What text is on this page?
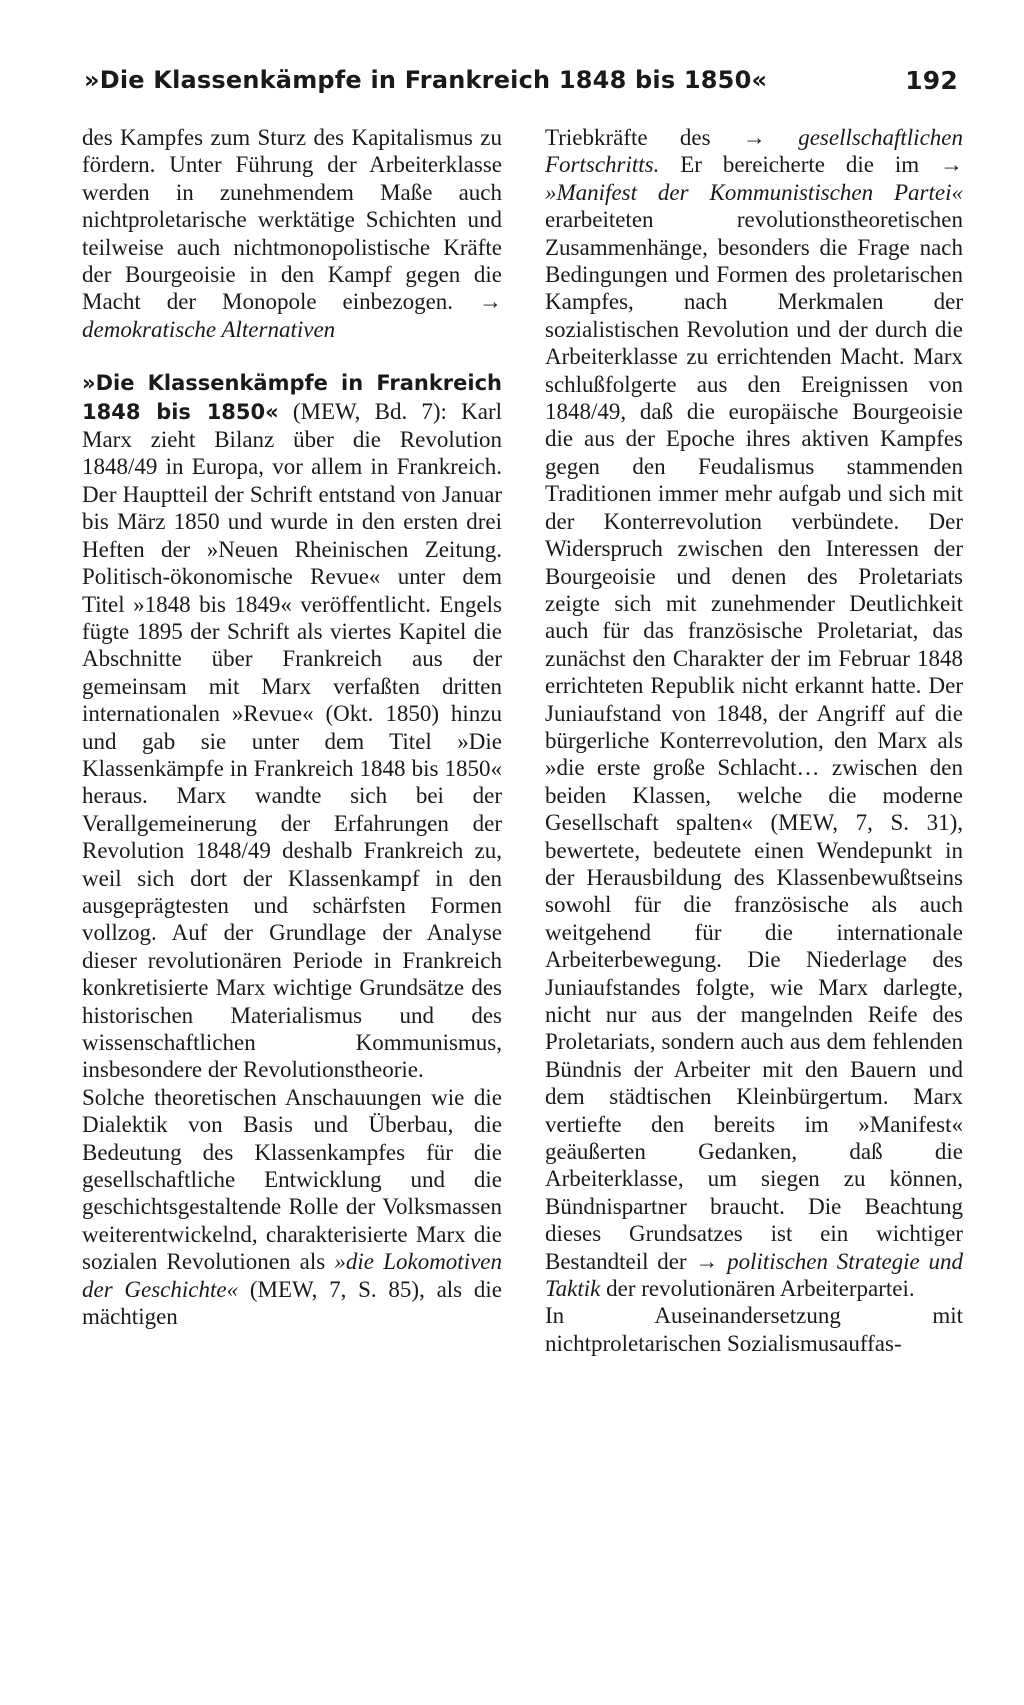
»Die Klassenkämpfe in Frankreich 1848 bis 1850«	192

des Kampfes zum Sturz des Kapitalismus zu fördern. Unter Führung der Arbeiterklasse werden in zunehmendem Maße auch nichtproletarische werktätige Schichten und teilweise auch nichtmonopolistische Kräfte der Bourgeoisie in den Kampf gegen die Macht der Monopole einbezogen. → demokratische Alternativen

»Die Klassenkämpfe in Frankreich 1848 bis 1850« (MEW, Bd. 7): Karl Marx zieht Bilanz über die Revolution 1848/49 in Europa, vor allem in Frankreich. Der Hauptteil der Schrift entstand von Januar bis März 1850 und wurde in den ersten drei Heften der »Neuen Rheinischen Zeitung. Politisch-ökonomische Revue« unter dem Titel »1848 bis 1849« veröffentlicht. Engels fügte 1895 der Schrift als viertes Kapitel die Abschnitte über Frankreich aus der gemeinsam mit Marx verfaßten dritten internationalen »Revue« (Okt. 1850) hinzu und gab sie unter dem Titel »Die Klassenkämpfe in Frankreich 1848 bis 1850« heraus. Marx wandte sich bei der Verallgemeinerung der Erfahrungen der Revolution 1848/49 deshalb Frankreich zu, weil sich dort der Klassenkampf in den ausgeprägtesten und schärfsten Formen vollzog. Auf der Grundlage der Analyse dieser revolutionären Periode in Frankreich konkretisierte Marx wichtige Grundsätze des historischen Materialismus und des wissenschaftlichen Kommunismus, insbesondere der Revolutionstheorie.

Solche theoretischen Anschauungen wie die Dialektik von Basis und Überbau, die Bedeutung des Klassenkampfes für die gesellschaftliche Entwicklung und die geschichtsgestaltende Rolle der Volksmassen weiterentwickelnd, charakterisierte Marx die sozialen Revolutionen als »die Lokomotiven der Geschichte« (MEW, 7, S. 85), als die mächtigen

Triebkräfte des → gesellschaftlichen Fortschritts. Er bereicherte die im → »Manifest der Kommunistischen Partei« erarbeiteten revolutionstheoretischen Zusammenhänge, besonders die Frage nach Bedingungen und Formen des proletarischen Kampfes, nach Merkmalen der sozialistischen Revolution und der durch die Arbeiterklasse zu errichtenden Macht. Marx schlußfolgerte aus den Ereignissen von 1848/49, daß die europäische Bourgeoisie die aus der Epoche ihres aktiven Kampfes gegen den Feudalismus stammenden Traditionen immer mehr aufgab und sich mit der Konterrevolution verbündete. Der Widerspruch zwischen den Interessen der Bourgeoisie und denen des Proletariats zeigte sich mit zunehmender Deutlichkeit auch für das französische Proletariat, das zunächst den Charakter der im Februar 1848 errichteten Republik nicht erkannt hatte. Der Juniaufstand von 1848, der Angriff auf die bürgerliche Konterrevolution, den Marx als »die erste große Schlacht… zwischen den beiden Klassen, welche die moderne Gesellschaft spalten« (MEW, 7, S. 31), bewertete, bedeutete einen Wendepunkt in der Herausbildung des Klassenbewußtseins sowohl für die französische als auch weitgehend für die internationale Arbeiterbewegung. Die Niederlage des Juniaufstandes folgte, wie Marx darlegte, nicht nur aus der mangelnden Reife des Proletariats, sondern auch aus dem fehlenden Bündnis der Arbeiter mit den Bauern und dem städtischen Kleinbürgertum. Marx vertiefte den bereits im »Manifest« geäußerten Gedanken, daß die Arbeiterklasse, um siegen zu können, Bündnispartner braucht. Die Beachtung dieses Grundsatzes ist ein wichtiger Bestandteil der → politischen Strategie und Taktik der revolutionären Arbeiterpartei.

In Auseinandersetzung mit nichtproletarischen Sozialismusauffas-
